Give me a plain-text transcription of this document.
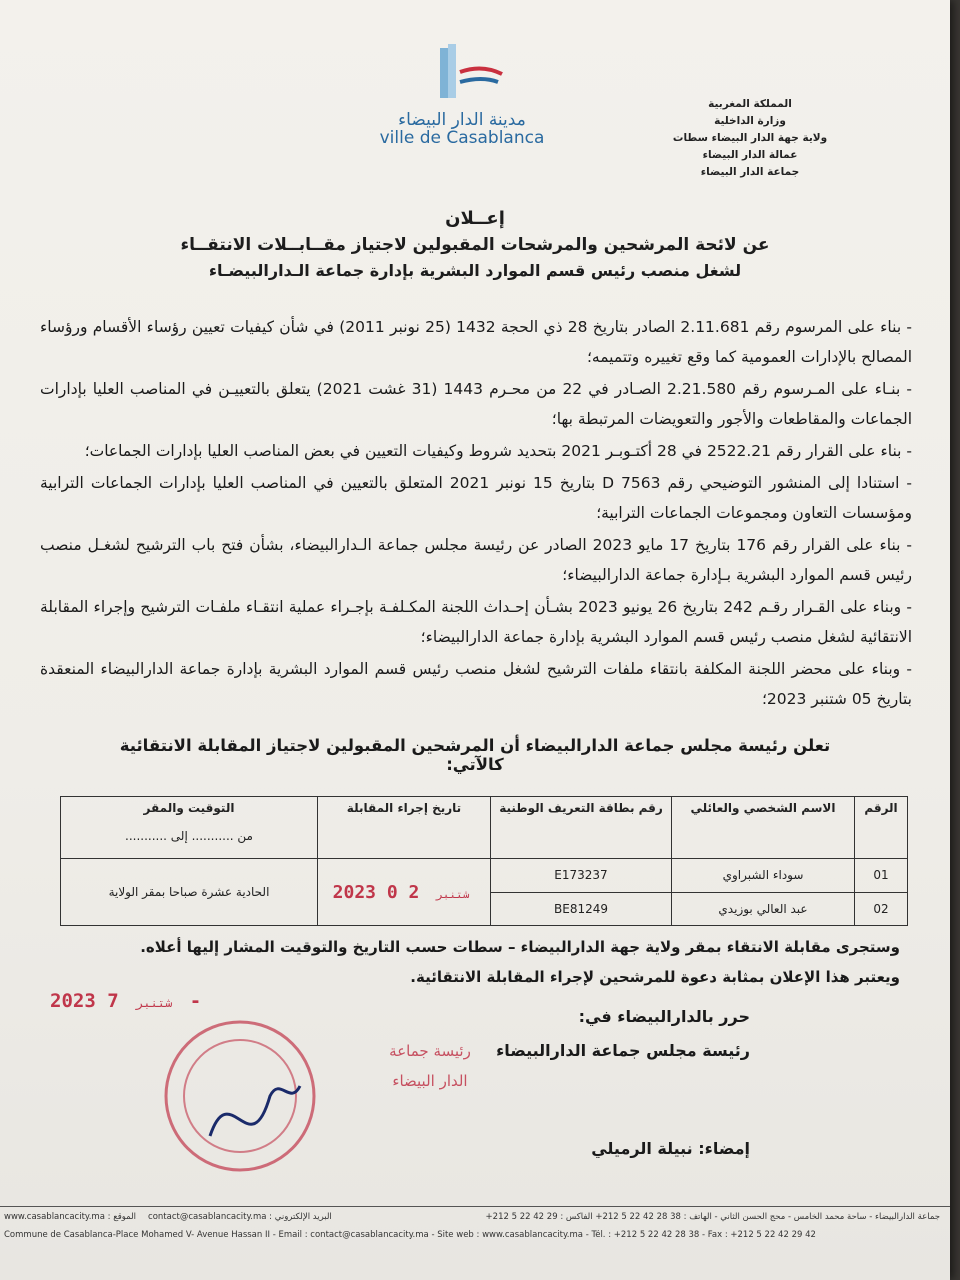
مدينة الدار البيضاء
ville de Casablanca
المملكة المغربية
وزارة الداخلية
ولاية جهة الدار البيضاء سطات
عمالة الدار البيضاء
جماعة الدار البيضاء
إعــلان
عن لائحة المرشحين والمرشحات المقبولين لاجتياز مقــابــلات الانتقــاء
لشغل منصب رئيس قسم الموارد البشرية بإدارة جماعة الـدارالبيضـاء

- بناء على المرسوم رقم 2.11.681 الصادر بتاريخ 28 ذي الحجة 1432 (25 نونبر 2011) في شأن كيفيات تعيين رؤساء الأقسام ورؤساء المصالح بالإدارات العمومية كما وقع تغييره وتتميمه؛

- بنـاء على المـرسوم رقم 2.21.580 الصـادر في 22 من محـرم 1443 (31 غشت 2021) يتعلق بالتعييـن في المناصب العليا بإدارات الجماعات والمقاطعات والأجور والتعويضات المرتبطة بها؛

- بناء على القرار رقم 2522.21 في 28 أكتـوبـر 2021 بتحديد شروط وكيفيات التعيين في بعض المناصب العليا بإدارات الجماعات؛

- استنادا إلى المنشور التوضيحي رقم D 7563 بتاريخ 15 نونبر 2021 المتعلق بالتعيين في المناصب العليا بإدارات الجماعات الترابية ومؤسسات التعاون ومجموعات الجماعات الترابية؛

- بناء على القرار رقم 176 بتاريخ 17 مايو 2023 الصادر عن رئيسة مجلس جماعة الـدارالبيضاء، بشأن فتح باب الترشيح لشغـل منصب رئيس قسم الموارد البشرية بـإدارة جماعة الدارالبيضاء؛

- وبناء على القـرار رقـم 242 بتاريخ 26 يونيو 2023 بشـأن إحـداث اللجنة المكـلفـة بإجـراء عملية انتقـاء ملفـات الترشيح وإجراء المقابلة الانتقائية لشغل منصب رئيس قسم الموارد البشرية بإدارة جماعة الدارالبيضاء؛

- وبناء على محضر اللجنة المكلفة بانتقاء ملفات الترشيح لشغل منصب رئيس قسم الموارد البشرية بإدارة جماعة الدارالبيضاء المنعقدة بتاريخ 05 شتنبر 2023؛

تعلن رئيسة مجلس جماعة الدارالبيضاء أن المرشحين المقبولين لاجتياز المقابلة الانتقائية كالآتي:
الرقم	الاسم الشخصي والعائلي	رقم بطاقة التعريف الوطنية	تاريخ إجراء المقابلة	التوقيت والمقر
من ........... إلى ...........

01	سوداء الشبراوي	E173237	2023 شتنبر 2 0	الحادية عشرة صباحا بمقر الولاية
02	عبد العالي بوزيدي	BE81249		
وستجرى مقابلة الانتقاء بمقر ولاية جهة الدارالبيضاء – سطات حسب التاريخ والتوقيت المشار إليها أعلاه.
ويعتبر هذا الإعلان بمثابة دعوة للمرشحين لإجراء المقابلة الانتقائية.
2023	شتنبر 7 -
حرر بالدارالبيضاء في:
رئيسة مجلس جماعة الدارالبيضاء
إمضاء: نبيلة الرميلي
رئيسة جماعة
الدار البيضاء
www.casablancacity.ma : الموقع contact@casablancacity.ma : البريد الإلكتروني	جماعة الدارالبيضاء - ساحة محمد الخامس - محج الحسن الثاني - الهاتف : 38 28 42 22 5 212+ الفاكس : 29 42 22 5 212+
Commune de Casablanca-Place Mohamed V- Avenue Hassan II - Email : contact@casablancacity.ma - Site web : www.casablancacity.ma - Tél. : +212 5 22 42 28 38 - Fax : +212 5 22 42 29 42
